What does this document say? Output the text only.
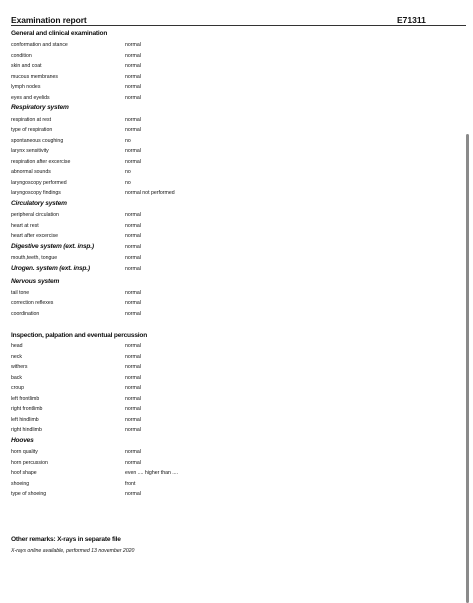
Examination report	E71311
General and clinical examination
conformation and stance	normal
condition	normal
skin and coat	normal
mucous membranes	normal
lymph nodes	normal
eyes and eyelids	normal
Respiratory system
respiration at rest	normal
type of respiration	normal
spontaneous coughing	no
larynx sensitivity	normal
respiration after excercise	normal
abnormal sounds	no
laryngoscopy performed	no
laryngoscopy findings	normal not performed
Circulatory system
peripheral circulation	normal
heart at rest	normal
heart after excercise	normal
Digestive system (ext. insp.)	normal
mouth,teeth, tongue	normal
Urogen. system (ext. insp.)	normal
Nervous system
tail tone	normal
correction reflexes	normal
coordination	normal
Inspection, palpation and eventual percussion
head	normal
neck	normal
withers	normal
back	normal
croup	normal
left frontlimb	normal
right frontlimb	normal
left hindlimb	normal
right hindlimb	normal
Hooves
horn quality	normal
horn percussion	normal
hoof shape	even .... higher than ....
shoeing	front
type of shoeing	normal
Other remarks: X-rays in separate file
X-rays online available, performed 13 november 2020
